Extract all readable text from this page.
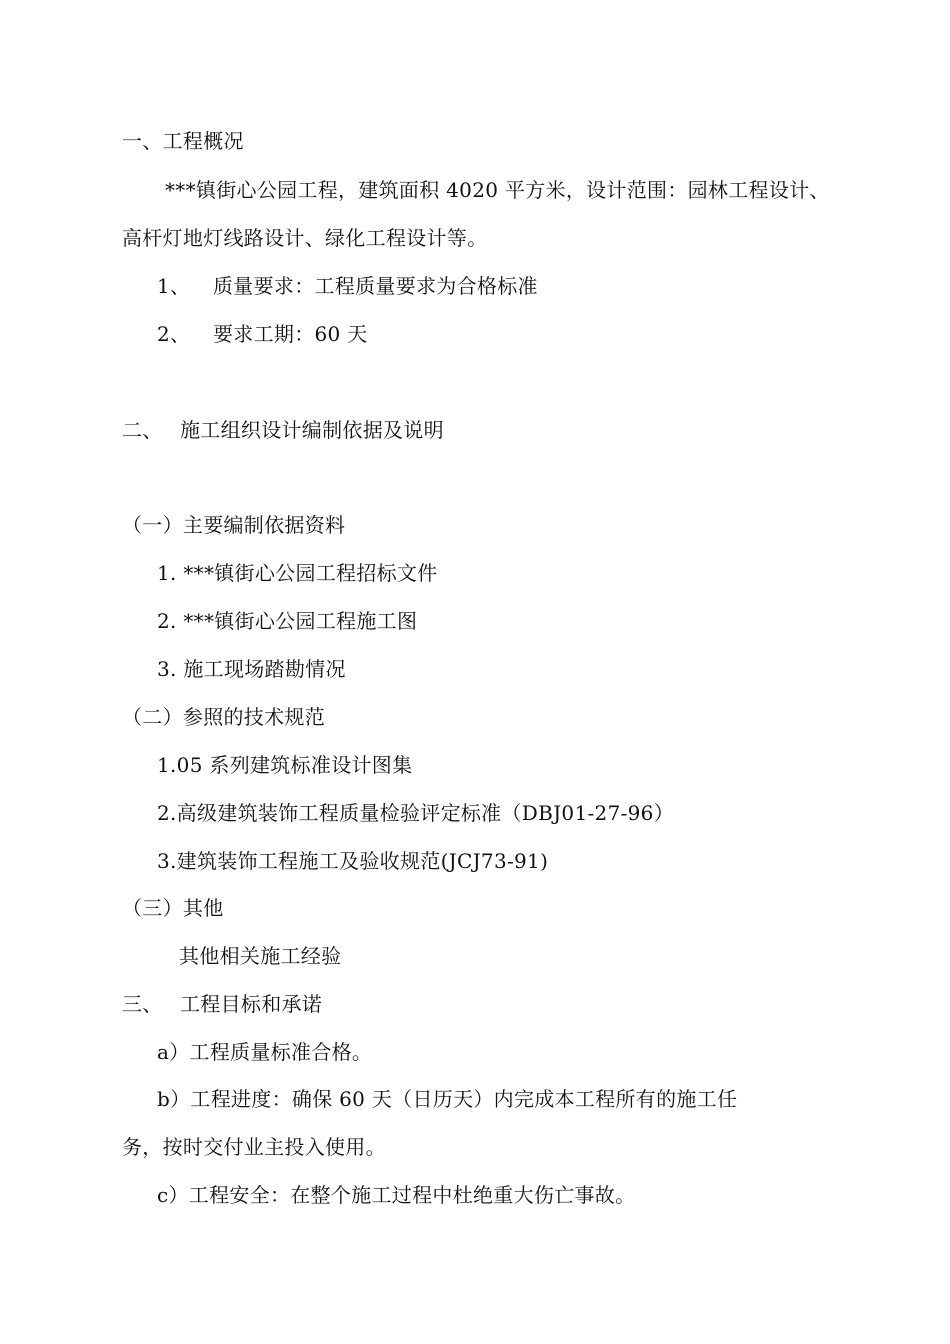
一、工程概况
***镇街心公园工程，建筑面积 4020 平方米，设计范围：园林工程设计、
高杆灯地灯线路设计、绿化工程设计等。
1、 质量要求：工程质量要求为合格标准
2、 要求工期：60 天
二、 施工组织设计编制依据及说明
（一）主要编制依据资料
1. ***镇街心公园工程招标文件
2. ***镇街心公园工程施工图
3. 施工现场踏勘情况
（二）参照的技术规范
1.05 系列建筑标准设计图集
2.高级建筑装饰工程质量检验评定标准（DBJ01-27-96）
3.建筑装饰工程施工及验收规范(JCJ73-91)
（三）其他
其他相关施工经验
三、 工程目标和承诺
a）工程质量标准合格。
b）工程进度：确保 60 天（日历天）内完成本工程所有的施工任
务，按时交付业主投入使用。
c）工程安全：在整个施工过程中杜绝重大伤亡事故。
